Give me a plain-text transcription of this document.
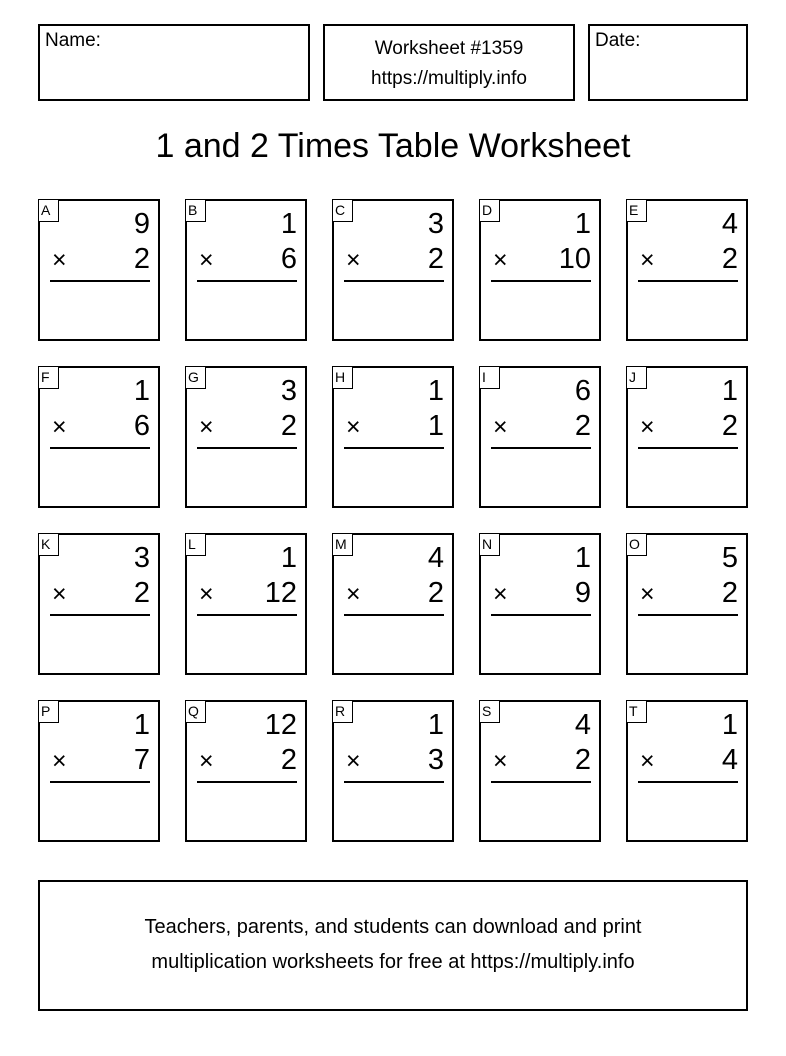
Name:	Worksheet #1359
https://multiply.info
Date:
1 and 2 Times Table Worksheet
A	9
× 2
B	1
× 6
C	3
× 2
D	1
× 10
E	4
× 2
F	1
× 6
G	3
× 2
H	1
× 1
I	6
× 2
J	1
× 2
K	3
× 2
L	1
× 12
M	4
× 2
N	1
× 9
O	5
× 2
P	1
× 7
Q 12
× 2
R	1
× 3
S	4
× 2
T	1
× 4
Teachers, parents, and students can download and print
multiplication worksheets for free at https://multiply.info
